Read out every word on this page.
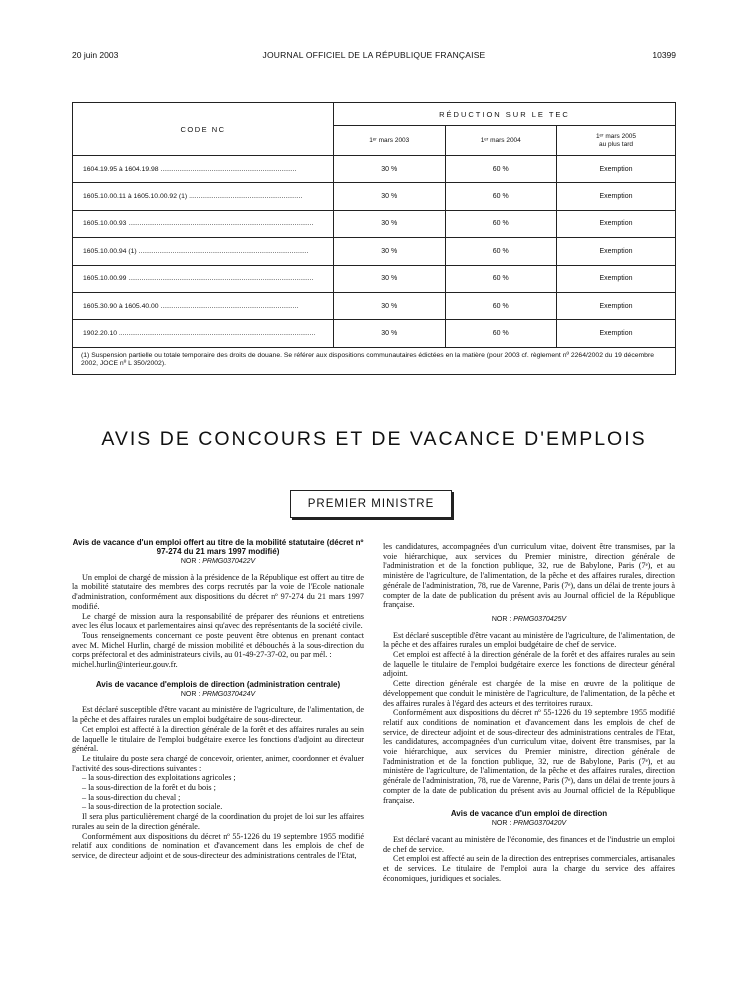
20 juin 2003	JOURNAL OFFICIEL DE LA RÉPUBLIQUE FRANÇAISE	10399
CODE NC	RÉDUCTION SUR LE TEC		
	1ᵉʳ mars 2003	1ᵉʳ mars 2004	1ᵉʳ mars 2005
au plus tard
1604.19.95 à 1604.19.98 ........................................................................	30 %	60 %	Exemption
1605.10.00.11 à 1605.10.00.92 (1) ............................................................	30 %	60 %	Exemption
1605.10.00.93 ..................................................................................................	30 %	60 %	Exemption
1605.10.00.94 (1) ..........................................................................................	30 %	60 %	Exemption
1605.10.00.99 ..................................................................................................	30 %	60 %	Exemption
1605.30.90 à 1605.40.00 .........................................................................	30 %	60 %	Exemption
1902.20.10 ........................................................................................................	30 %	60 %	Exemption
(1) Suspension partielle ou totale temporaire des droits de douane. Se référer aux dispositions communautaires édictées en la matière (pour 2003 cf. règlement nº 2264/2002 du 19 décembre 2002, JOCE nº L 350/2002).			
AVIS DE CONCOURS ET DE VACANCE D'EMPLOIS
PREMIER MINISTRE
Avis de vacance d'un emploi offert au titre de la mobilité statutaire (décret nº 97-274 du 21 mars 1997 modifié)
NOR : PRMG0370422V

Un emploi de chargé de mission à la présidence de la République est offert au titre de la mobilité statutaire des membres des corps recrutés par la voie de l'Ecole nationale d'administration, conformément aux dispositions du décret nº 97-274 du 21 mars 1997 modifié.

Le chargé de mission aura la responsabilité de préparer des réunions et entretiens avec les élus locaux et parlementaires ainsi qu'avec des représentants de la société civile.

Tous renseignements concernant ce poste peuvent être obtenus en prenant contact avec M. Michel Hurlin, chargé de mission mobilité et débouchés à la sous-direction du corps préfectoral et des administrateurs civils, au 01-49-27-37-02, ou par mél. :

michel.hurlin@interieur.gouv.fr.

Avis de vacance d'emplois de direction (administration centrale)
NOR : PRMG0370424V

Est déclaré susceptible d'être vacant au ministère de l'agriculture, de l'alimentation, de la pêche et des affaires rurales un emploi budgétaire de sous-directeur.

Cet emploi est affecté à la direction générale de la forêt et des affaires rurales au sein de laquelle le titulaire de l'emploi budgétaire exerce les fonctions d'adjoint au directeur général.

Le titulaire du poste sera chargé de concevoir, orienter, animer, coordonner et évaluer l'activité des sous-directions suivantes :

– la sous-direction des exploitations agricoles ;
– la sous-direction de la forêt et du bois ;
– la sous-direction du cheval ;
– la sous-direction de la protection sociale.

Il sera plus particulièrement chargé de la coordination du projet de loi sur les affaires rurales au sein de la direction générale.

Conformément aux dispositions du décret nº 55-1226 du 19 septembre 1955 modifié relatif aux conditions de nomination et d'avancement dans les emplois de chef de service, de directeur adjoint et de sous-directeur des administrations centrales de l'Etat,

les candidatures, accompagnées d'un curriculum vitae, doivent être transmises, par la voie hiérarchique, aux services du Premier ministre, direction générale de l'administration et de la fonction publique, 32, rue de Babylone, Paris (7ᵉ), et au ministère de l'agriculture, de l'alimentation, de la pêche et des affaires rurales, direction générale de l'administration, 78, rue de Varenne, Paris (7ᵉ), dans un délai de trente jours à compter de la date de publication du présent avis au Journal officiel de la République française.

NOR : PRMG0370425V

Est déclaré susceptible d'être vacant au ministère de l'agriculture, de l'alimentation, de la pêche et des affaires rurales un emploi budgétaire de chef de service.

Cet emploi est affecté à la direction générale de la forêt et des affaires rurales au sein de laquelle le titulaire de l'emploi budgétaire exerce les fonctions de directeur général adjoint.

Cette direction générale est chargée de la mise en œuvre de la politique de développement que conduit le ministère de l'agriculture, de l'alimentation, de la pêche et des affaires rurales à l'égard des acteurs et des territoires ruraux.

Conformément aux dispositions du décret nº 55-1226 du 19 septembre 1955 modifié relatif aux conditions de nomination et d'avancement dans les emplois de chef de service, de directeur adjoint et de sous-directeur des administrations centrales de l'Etat, les candidatures, accompagnées d'un curriculum vitae, doivent être transmises, par la voie hiérarchique, aux services du Premier ministre, direction générale de l'administration et de la fonction publique, 32, rue de Babylone, Paris (7ᵉ), et au ministère de l'agriculture, de l'alimentation, de la pêche et des affaires rurales, direction générale de l'administration, 78, rue de Varenne, Paris (7ᵉ), dans un délai de trente jours à compter de la date de publication du présent avis au Journal officiel de la République française.

Avis de vacance d'un emploi de direction
NOR : PRMG0370420V

Est déclaré vacant au ministère de l'économie, des finances et de l'industrie un emploi de chef de service.

Cet emploi est affecté au sein de la direction des entreprises commerciales, artisanales et de services. Le titulaire de l'emploi aura la charge du service des affaires économiques, juridiques et sociales.
